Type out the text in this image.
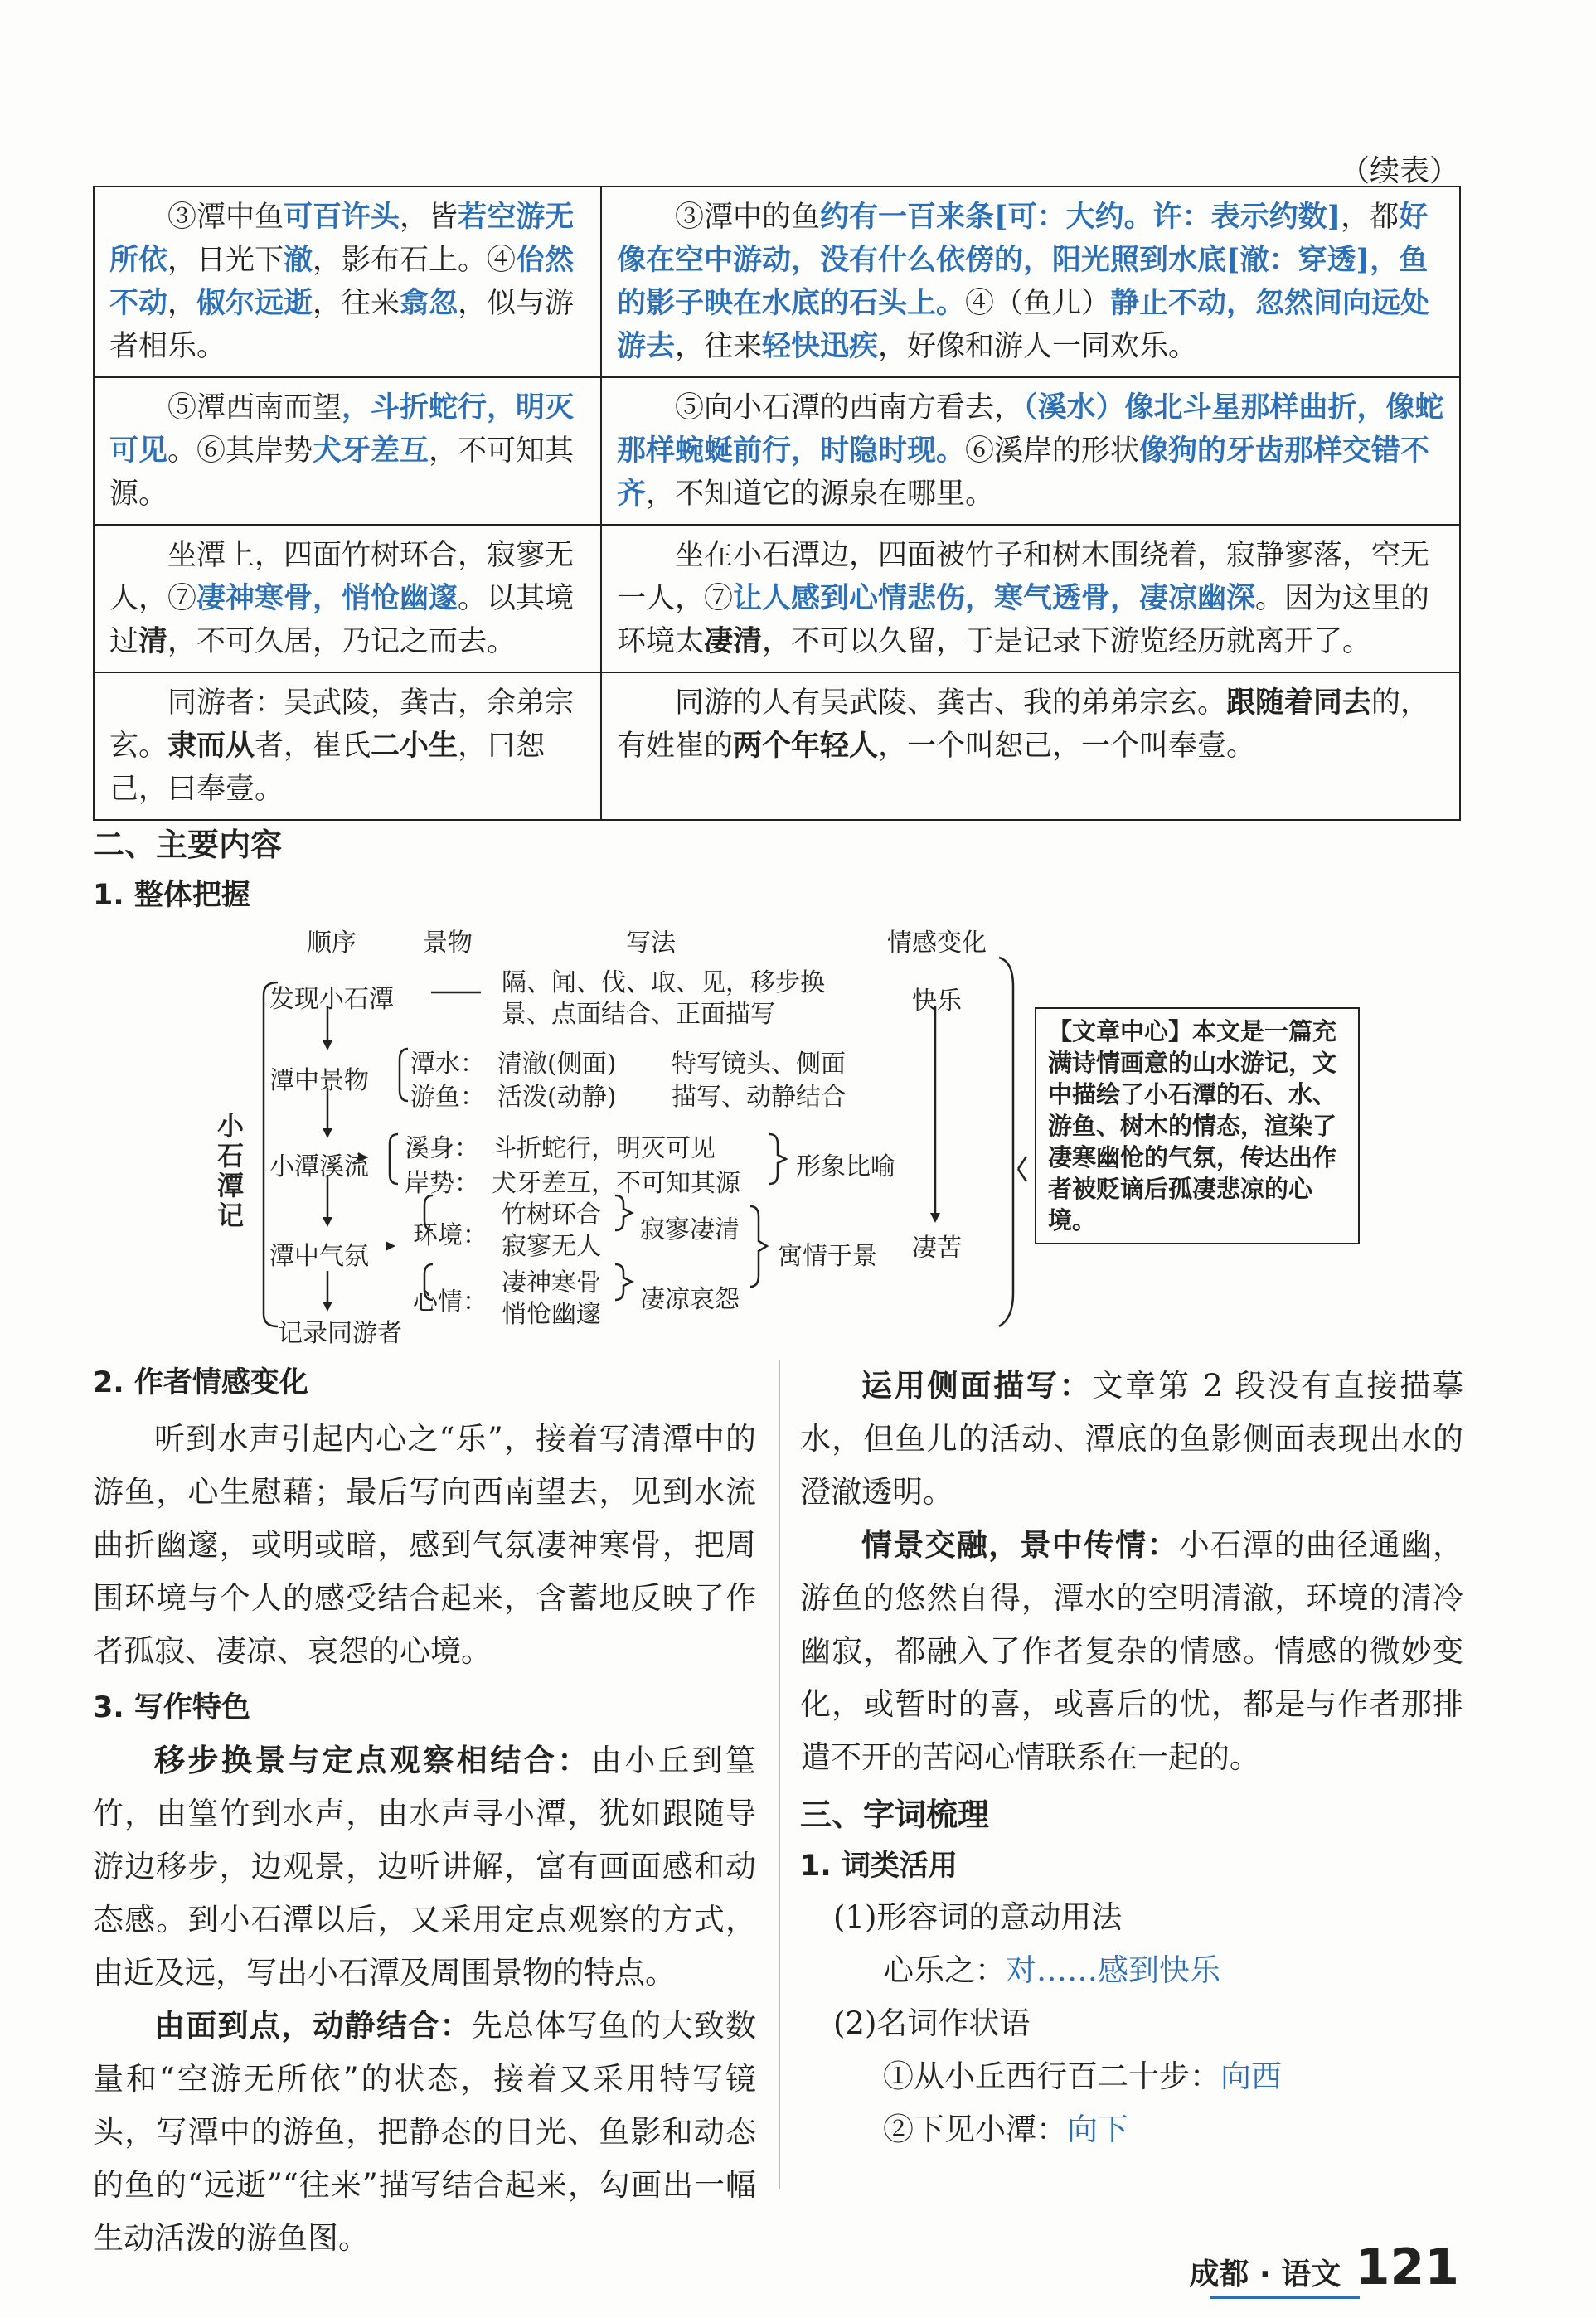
（续表）
③潭中鱼可百许头，皆若空游无所依，日光下澈，影布石上。④佁然不动，俶尔远逝，往来翕忽，似与游者相乐。	③潭中的鱼约有一百来条[可：大约。许：表示约数]，都好像在空中游动，没有什么依傍的，阳光照到水底[澈：穿透]，鱼的影子映在水底的石头上。④（鱼儿）静止不动，忽然间向远处游去，往来轻快迅疾，好像和游人一同欢乐。
⑤潭西南而望，斗折蛇行，明灭可见。⑥其岸势犬牙差互，不可知其源。	⑤向小石潭的西南方看去，（溪水）像北斗星那样曲折，像蛇那样蜿蜒前行，时隐时现。⑥溪岸的形状像狗的牙齿那样交错不齐，不知道它的源泉在哪里。
坐潭上，四面竹树环合，寂寥无人，⑦凄神寒骨，悄怆幽邃。以其境过清，不可久居，乃记之而去。	坐在小石潭边，四面被竹子和树木围绕着，寂静寥落，空无一人，⑦让人感到心情悲伤，寒气透骨，凄凉幽深。因为这里的环境太凄清，不可以久留，于是记录下游览经历就离开了。
同游者：吴武陵，龚古，余弟宗玄。隶而从者，崔氏二小生，曰恕己，曰奉壹。	同游的人有吴武陵、龚古、我的弟弟宗玄。跟随着同去的，有姓崔的两个年轻人，一个叫恕己，一个叫奉壹。
二、主要内容
1. 整体把握
顺序	景物	写法	情感变化
小石潭记
发现小石潭
隔、闻、伐、取、见，移步换
景、点面结合、正面描写	快乐
潭中景物
潭水： 清澈(侧面)
游鱼： 活泼(动静)
特写镜头、侧面
描写、动静结合
小潭溪流
溪身： 斗折蛇行，明灭可见
岸势： 犬牙差互，不可知其源
形象比喻
潭中气氛
环境：
竹树环合
寂寥无人
寂寥凄清
心情：
凄神寒骨
悄怆幽邃
凄凉哀怨
寓情于景 凄苦
记录同游者
【文章中心】本文是一篇充满诗情画意的山水游记，文中描绘了小石潭的石、水、游鱼、树木的情态，渲染了凄寒幽怆的气氛，传达出作者被贬谪后孤凄悲凉的心境。
2. 作者情感变化

听到水声引起内心之“乐”，接着写清潭中的游鱼，心生慰藉；最后写向西南望去，见到水流曲折幽邃，或明或暗，感到气氛凄神寒骨，把周围环境与个人的感受结合起来，含蓄地反映了作者孤寂、凄凉、哀怨的心境。

3. 写作特色

移步换景与定点观察相结合：由小丘到篁竹，由篁竹到水声，由水声寻小潭，犹如跟随导游边移步，边观景，边听讲解，富有画面感和动态感。到小石潭以后，又采用定点观察的方式，由近及远，写出小石潭及周围景物的特点。

由面到点，动静结合：先总体写鱼的大致数量和“空游无所依”的状态，接着又采用特写镜头，写潭中的游鱼，把静态的日光、鱼影和动态的鱼的“远逝”“往来”描写结合起来，勾画出一幅生动活泼的游鱼图。

运用侧面描写：文章第 2 段没有直接描摹水，但鱼儿的活动、潭底的鱼影侧面表现出水的澄澈透明。

情景交融，景中传情：小石潭的曲径通幽，游鱼的悠然自得，潭水的空明清澈，环境的清冷幽寂，都融入了作者复杂的情感。情感的微妙变化，或暂时的喜，或喜后的忧，都是与作者那排遣不开的苦闷心情联系在一起的。

三、字词梳理
1. 词类活用
(1)形容词的意动用法
心乐之：对……感到快乐
(2)名词作状语
①从小丘西行百二十步：向西
②下见小潭：向下
成都 · 语文 121
